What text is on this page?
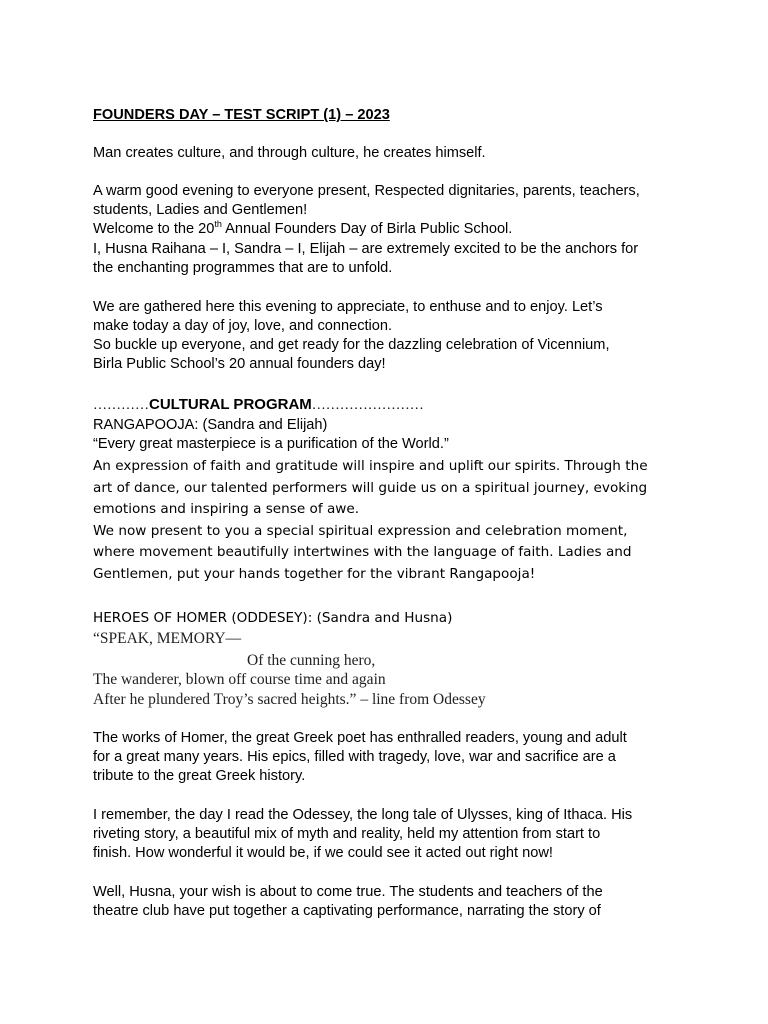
FOUNDERS DAY – TEST SCRIPT (1) – 2023
Man creates culture, and through culture, he creates himself.
A warm good evening to everyone present, Respected dignitaries, parents, teachers,
students, Ladies and Gentlemen!
Welcome to the 20th Annual Founders Day of Birla Public School.
I, Husna Raihana – I, Sandra – I, Elijah – are extremely excited to be the anchors for
the enchanting programmes that are to unfold.
We are gathered here this evening to appreciate, to enthuse and to enjoy. Let’s
make today a day of joy, love, and connection.
So buckle up everyone, and get ready for the dazzling celebration of Vicennium,
Birla Public School’s 20 annual founders day!
…………CULTURAL PROGRAM……………………
RANGAPOOJA: (Sandra and Elijah)
“Every great masterpiece is a purification of the World.”
An expression of faith and gratitude will inspire and uplift our spirits. Through the
art of dance, our talented performers will guide us on a spiritual journey, evoking
emotions and inspiring a sense of awe.
We now present to you a special spiritual expression and celebration moment,
where movement beautifully intertwines with the language of faith. Ladies and
Gentlemen, put your hands together for the vibrant Rangapooja!
HEROES OF HOMER (ODDESEY): (Sandra and Husna)
“SPEAK, MEMORY—
Of the cunning hero,
The wanderer, blown off course time and again
After he plundered Troy’s sacred heights.” – line from Odessey
The works of Homer, the great Greek poet has enthralled readers, young and adult
for a great many years. His epics, filled with tragedy, love, war and sacrifice are a
tribute to the great Greek history.
I remember, the day I read the Odessey, the long tale of Ulysses, king of Ithaca. His
riveting story, a beautiful mix of myth and reality, held my attention from start to
finish. How wonderful it would be, if we could see it acted out right now!
Well, Husna, your wish is about to come true. The students and teachers of the
theatre club have put together a captivating performance, narrating the story of
